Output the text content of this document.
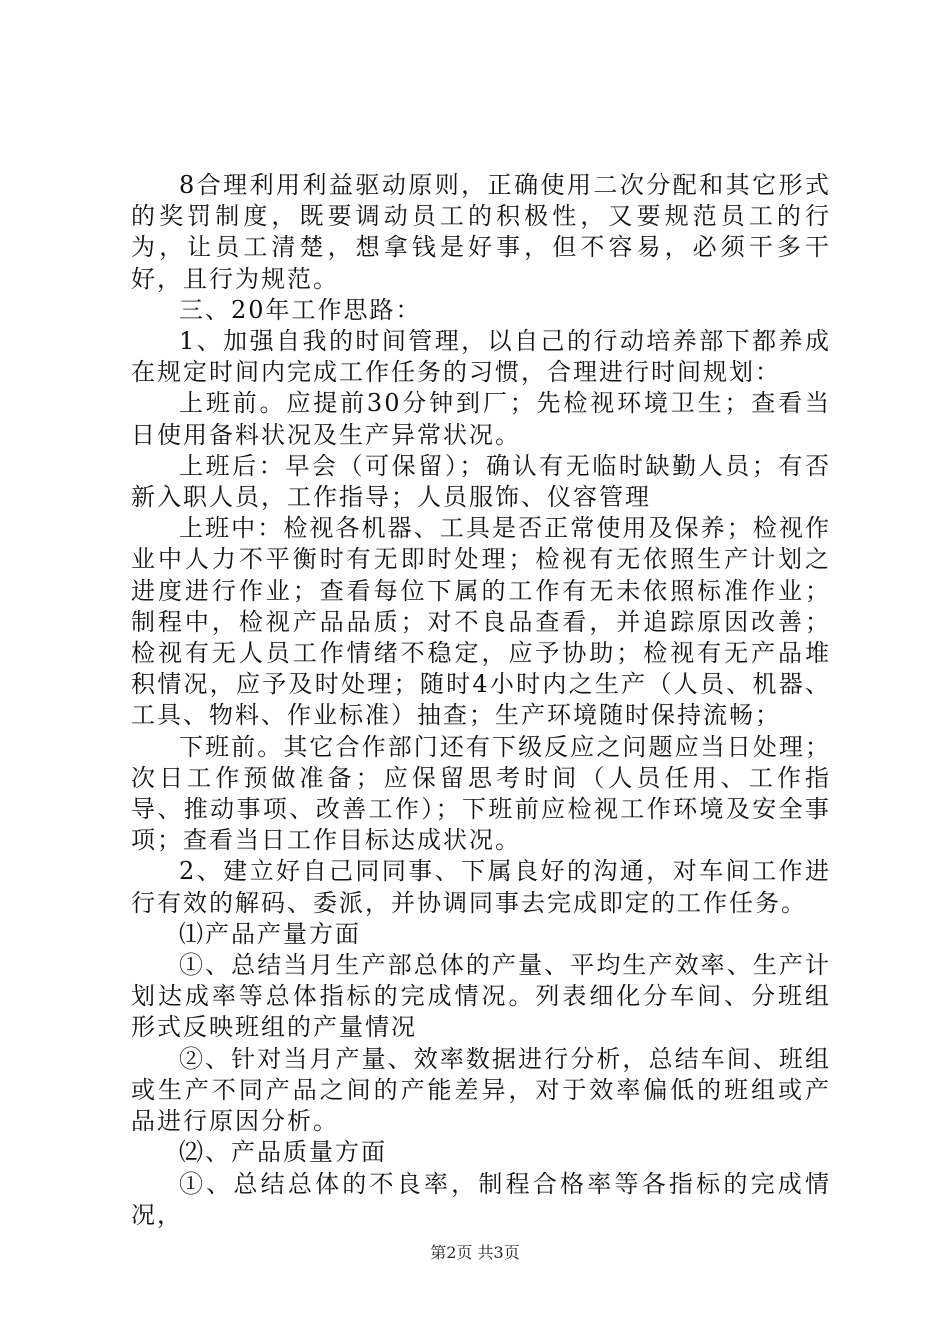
8合理利用利益驱动原则，正确使用二次分配和其它形式的奖罚制度，既要调动员工的积极性，又要规范员工的行为，让员工清楚，想拿钱是好事，但不容易，必须干多干好，且行为规范。

三、20年工作思路：

1、加强自我的时间管理，以自己的行动培养部下都养成在规定时间内完成工作任务的习惯，合理进行时间规划：

上班前。应提前30分钟到厂；先检视环境卫生；查看当日使用备料状况及生产异常状况。

上班后：早会（可保留）；确认有无临时缺勤人员；有否新入职人员，工作指导；人员服饰、仪容管理

上班中：检视各机器、工具是否正常使用及保养；检视作业中人力不平衡时有无即时处理；检视有无依照生产计划之进度进行作业；查看每位下属的工作有无未依照标准作业；制程中，检视产品品质；对不良品查看，并追踪原因改善；检视有无人员工作情绪不稳定，应予协助；检视有无产品堆积情况，应予及时处理；随时4小时内之生产（人员、机器、工具、物料、作业标准）抽查；生产环境随时保持流畅；

下班前。其它合作部门还有下级反应之问题应当日处理；次日工作预做准备；应保留思考时间（人员任用、工作指导、推动事项、改善工作）；下班前应检视工作环境及安全事项；查看当日工作目标达成状况。

2、建立好自己同同事、下属良好的沟通，对车间工作进行有效的解码、委派，并协调同事去完成即定的工作任务。

⑴产品产量方面

①、总结当月生产部总体的产量、平均生产效率、生产计划达成率等总体指标的完成情况。列表细化分车间、分班组形式反映班组的产量情况

②、针对当月产量、效率数据进行分析，总结车间、班组或生产不同产品之间的产能差异，对于效率偏低的班组或产品进行原因分析。

⑵、产品质量方面

①、总结总体的不良率，制程合格率等各指标的完成情况，

第2页 共3页
